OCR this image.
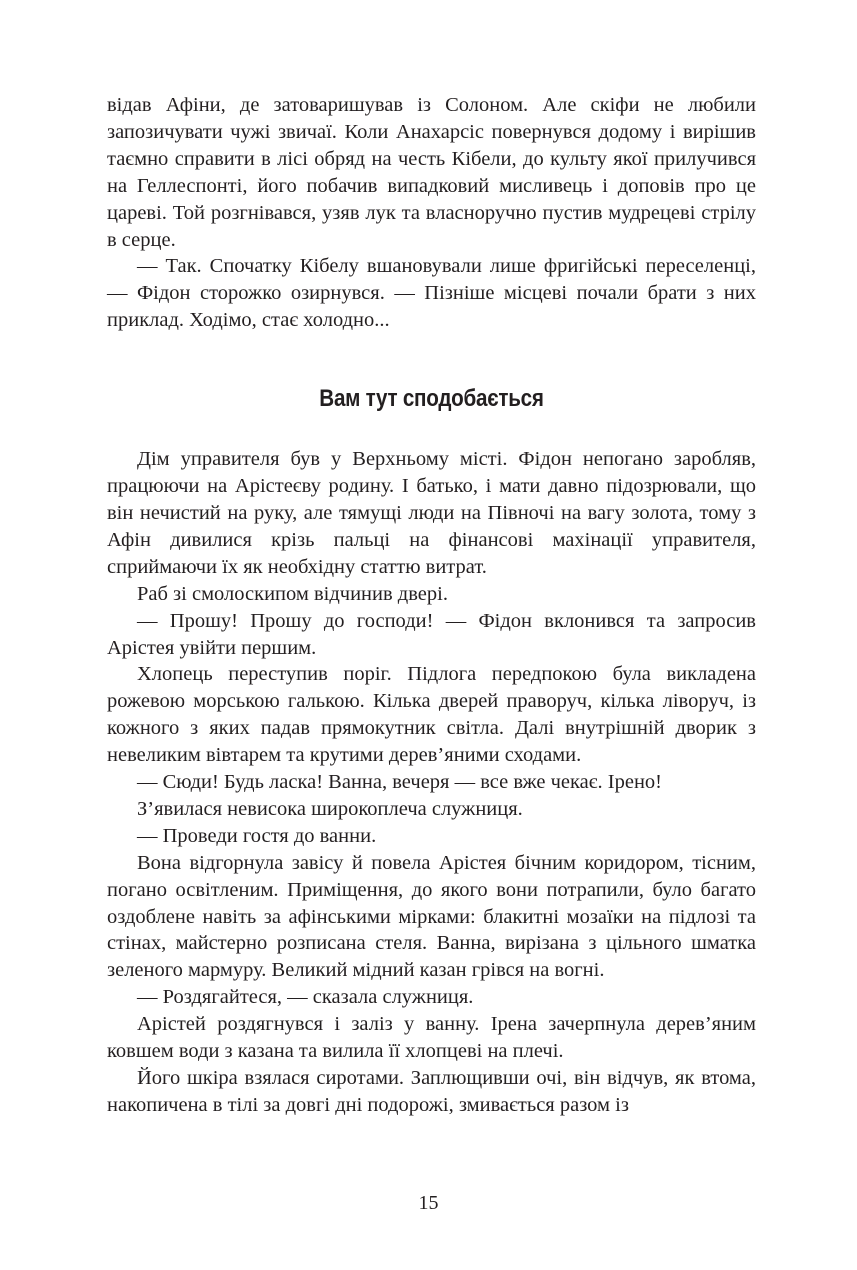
відав Афіни, де затоваришував із Солоном. Але скіфи не любили запозичувати чужі звичаї. Коли Анахарсіс повернувся додому і вирішив таємно справити в лісі обряд на честь Кібели, до культу якої прилучився на Геллеспонті, його побачив випадковий мисливець і доповів про це цареві. Той розгнівався, узяв лук та власноручно пустив мудрецеві стрілу в серце.

— Так. Спочатку Кібелу вшановували лише фригійські переселенці, — Фідон сторожко озирнувся. — Пізніше місцеві почали брати з них приклад. Ходімо, стає холодно...

Вам тут сподобається

Дім управителя був у Верхньому місті. Фідон непогано заробляв, працюючи на Арістеєву родину. І батько, і мати давно підозрювали, що він нечистий на руку, але тямущі люди на Півночі на вагу золота, тому з Афін дивилися крізь пальці на фінансові махінації управителя, сприймаючи їх як необхідну статтю витрат.

Раб зі смолоскипом відчинив двері.

— Прошу! Прошу до господи! — Фідон вклонився та запросив Арістея увійти першим.

Хлопець переступив поріг. Підлога передпокою була викладена рожевою морською галькою. Кілька дверей праворуч, кілька ліворуч, із кожного з яких падав прямокутник світла. Далі внутрішній дворик з невеликим вівтарем та крутими дерев’яними сходами.

— Сюди! Будь ласка! Ванна, вечеря — все вже чекає. Ірено!

З’явилася невисока широкоплеча служниця.

— Проведи гостя до ванни.

Вона відгорнула завісу й повела Арістея бічним коридором, тісним, погано освітленим. Приміщення, до якого вони потрапили, було багато оздоблене навіть за афінськими мірками: блакитні мозаїки на підлозі та стінах, майстерно розписана стеля. Ванна, вирізана з цільного шматка зеленого мармуру. Великий мідний казан грівся на вогні.

— Роздягайтеся, — сказала служниця.

Арістей роздягнувся і заліз у ванну. Ірена зачерпнула дерев’яним ковшем води з казана та вилила її хлопцеві на плечі.

Його шкіра взялася сиротами. Заплющивши очі, він відчув, як втома, накопичена в тілі за довгі дні подорожі, змивається разом із

15
